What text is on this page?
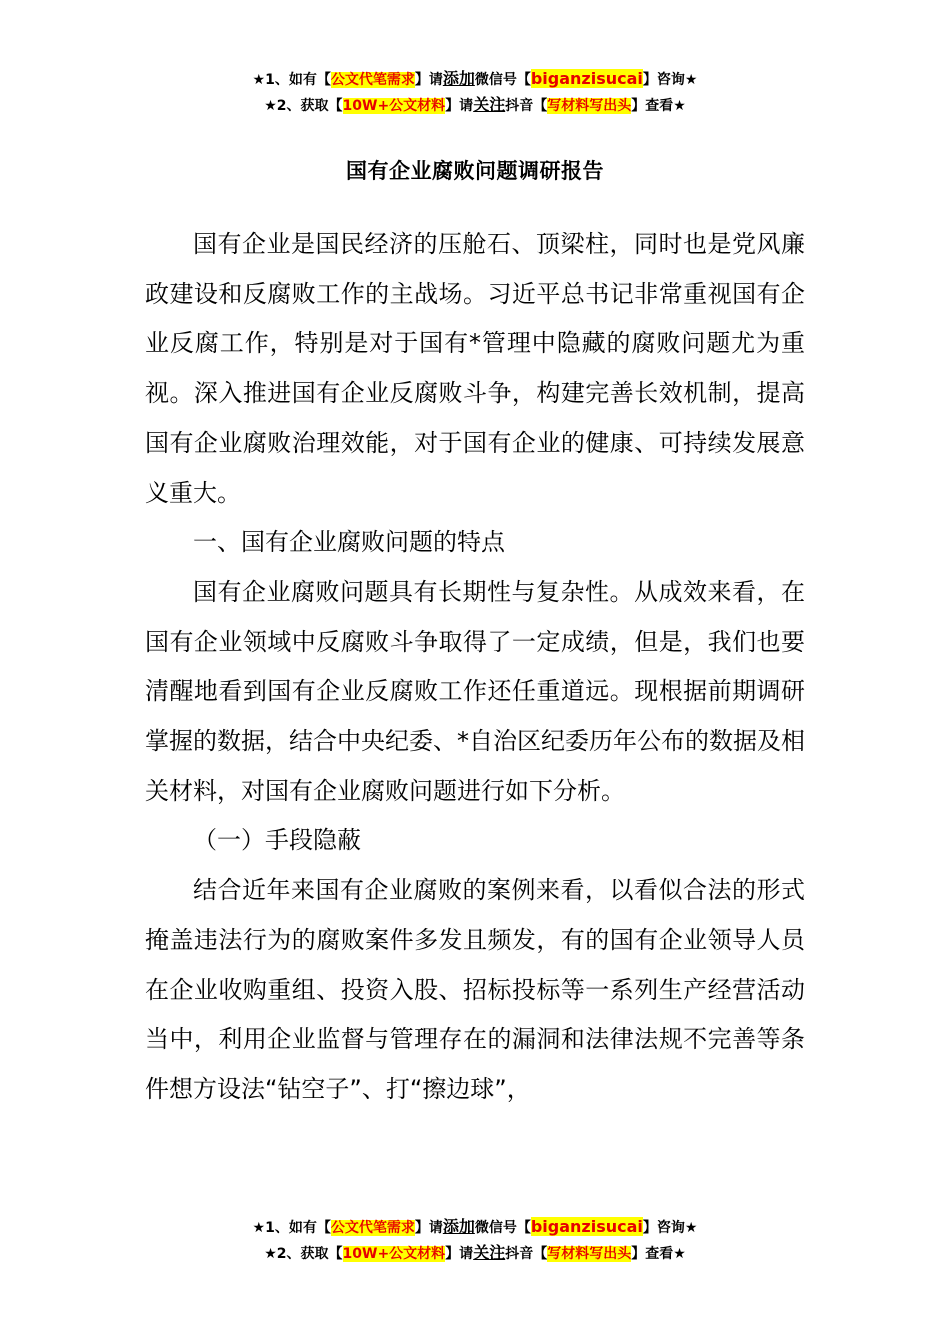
★1、如有【公文代笔需求】请添加微信号【biganzisucai】咨询★
★2、获取【10W+公文材料】请关注抖音【写材料写出头】查看★
国有企业腐败问题调研报告

国有企业是国民经济的压舱石、顶梁柱，同时也是党风廉政建设和反腐败工作的主战场。习近平总书记非常重视国有企业反腐工作，特别是对于国有*管理中隐藏的腐败问题尤为重视。深入推进国有企业反腐败斗争，构建完善长效机制，提高国有企业腐败治理效能，对于国有企业的健康、可持续发展意义重大。

一、国有企业腐败问题的特点

国有企业腐败问题具有长期性与复杂性。从成效来看，在国有企业领域中反腐败斗争取得了一定成绩，但是，我们也要清醒地看到国有企业反腐败工作还任重道远。现根据前期调研掌握的数据，结合中央纪委、*自治区纪委历年公布的数据及相关材料，对国有企业腐败问题进行如下分析。

（一）手段隐蔽

结合近年来国有企业腐败的案例来看，以看似合法的形式掩盖违法行为的腐败案件多发且频发，有的国有企业领导人员在企业收购重组、投资入股、招标投标等一系列生产经营活动当中，利用企业监督与管理存在的漏洞和法律法规不完善等条件想方设法“钻空子”、打“擦边球”，

★1、如有【公文代笔需求】请添加微信号【biganzisucai】咨询★
★2、获取【10W+公文材料】请关注抖音【写材料写出头】查看★
